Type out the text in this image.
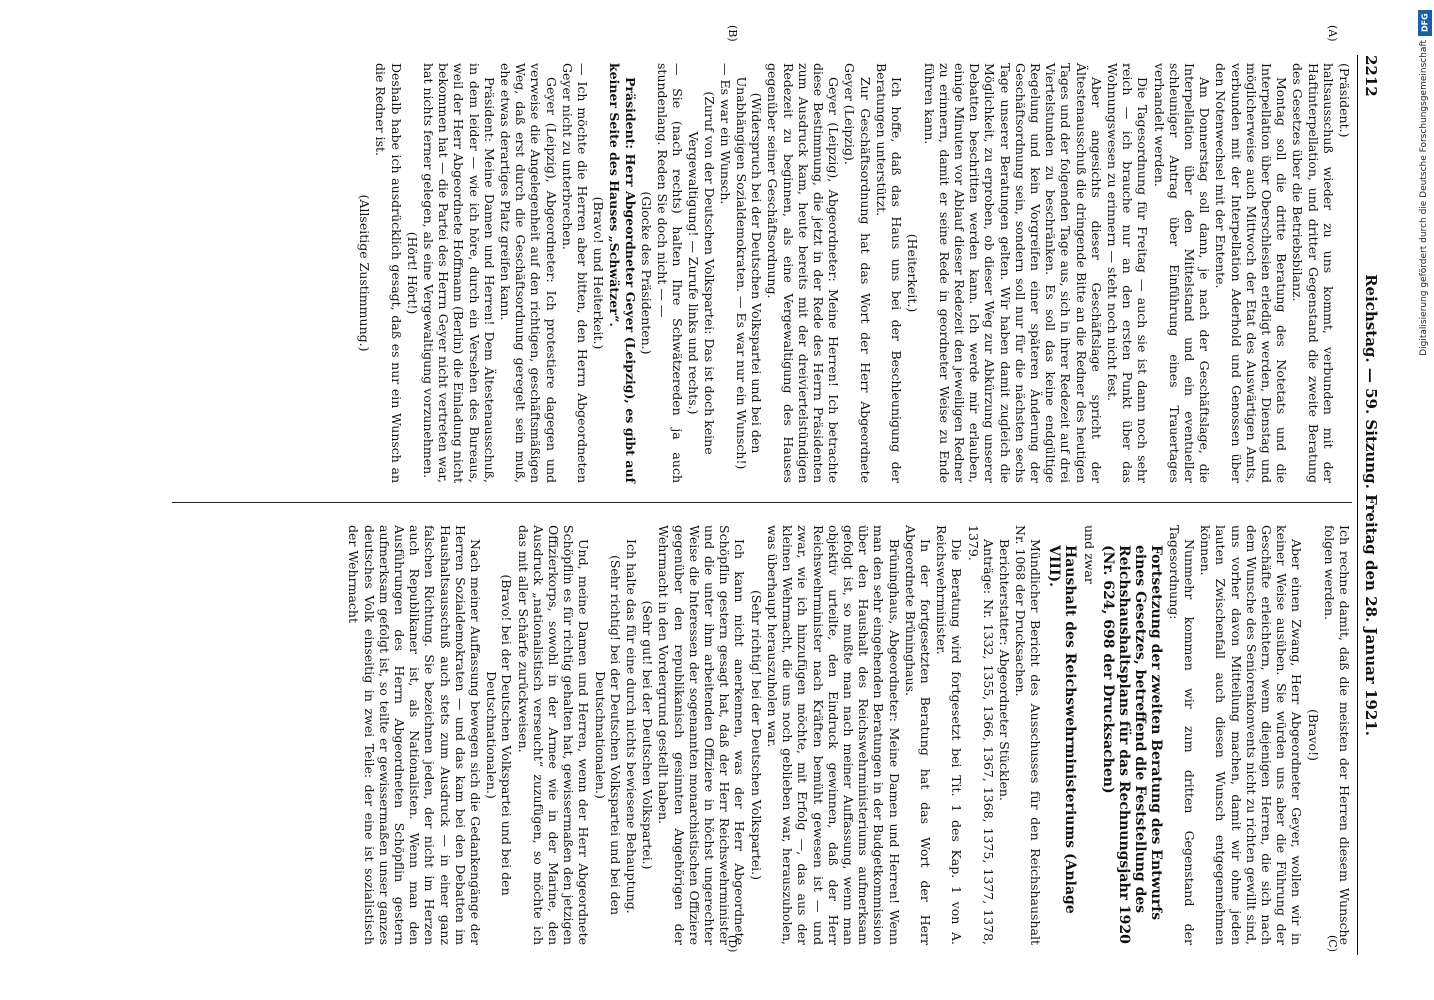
2212
Reichstag. — 59. Sitzung. Freitag den 28. Januar 1921.
(A)
(B)
(C)
(D)

(Präsident.)

haltsausschuß wieder zu uns kommt, verbunden mit der Haftinterpellation, und dritter Gegenstand die zweite Beratung des Gesetzes über die Betriebsbilanz.

Montag soll die dritte Beratung des Notetats und die Interpellation über Oberschlesien erledigt werden, Dienstag und möglicherweise auch Mittwoch der Etat des Auswärtigen Amts, verbunden mit der Interpellation Aderhold und Genossen über den Notenwechsel mit der Entente.

Am Donnerstag soll dann, je nach der Geschäftslage, die Interpellation über den Mittelstand und ein eventueller schleuniger Antrag über Einführung eines Trauertages verhandelt werden.

Die Tagesordnung für Freitag — auch sie ist dann noch sehr reich — ich brauche nur an den ersten Punkt über das Wohnungswesen zu erinnern — steht noch nicht fest.

Aber angesichts dieser Geschäftslage spricht der Ältestenausschuß die dringende Bitte an die Redner des heutigen Tages und der folgenden Tage aus, sich in ihrer Redezeit auf drei Viertelstunden zu beschränken. Es soll das keine endgültige Regelung und kein Vorgreifen einer späteren Änderung der Geschäftsordnung sein, sondern soll nur für die nächsten sechs Tage unserer Beratungen gelten. Wir haben damit zugleich die Möglichkeit, zu erproben, ob dieser Weg zur Abkürzung unserer Debatten beschritten werden kann. Ich werde mir erlauben, einige Minuten vor Ablauf dieser Redezeit den jeweiligen Redner zu erinnern, damit er seine Rede in geordneter Weise zu Ende führen kann.

(Heiterkeit.)

Ich hoffe, daß das Haus uns bei der Beschleunigung der Beratungen unterstützt.

Zur Geschäftsordnung hat das Wort der Herr Abgeordnete Geyer (Leipzig).

Geyer (Leipzig), Abgeordneter: Meine Herren! Ich betrachte diese Bestimmung, die jetzt in der Rede des Herrn Präsidenten zum Ausdruck kam, heute bereits mit der dreiviertelstündigen Redezeit zu beginnen, als eine Vergewaltigung des Hauses gegenüber seiner Geschäftsordnung.

(Widerspruch bei der Deutschen Volkspartei und bei den Unabhängigen Sozialdemokraten. — Es war nur ein Wunsch!)

— Es war ein Wunsch.

(Zuruf von der Deutschen Volkspartei: Das ist doch keine Vergewaltigung! — Zurufe links und rechts.)

— Sie (nach rechts) halten Ihre Schwätzereden ja auch stundenlang. Reden Sie doch nicht — —

(Glocke des Präsidenten.)

Präsident: Herr Abgeordneter Geyer (Leipzig), es gibt auf keiner Seite des Hauses „Schwätzer“.

(Bravo! und Heiterkeit.)

— Ich möchte die Herren aber bitten, den Herrn Abgeordneten Geyer nicht zu unterbrechen.

Geyer (Leipzig), Abgeordneter: Ich protestiere dagegen und verweise die Angelegenheit auf den richtigen, geschäftsmäßigen Weg, daß erst durch die Geschäftsordnung geregelt sein muß, ehe etwas derartiges Platz greifen kann.

Präsident: Meine Damen und Herren! Dem Ältestenausschuß, in dem leider — wie ich höre, durch ein Versehen des Bureaus, weil der Herr Abgeordnete Hoffmann (Berlin) die Einladung nicht bekommen hat — die Partei des Herrn Geyer nicht vertreten war, hat nichts ferner gelegen, als eine Vergewaltigung vorzunehmen.

(Hört! Hört!)

Deshalb habe ich ausdrücklich gesagt, daß es nur ein Wunsch an die Redner ist.

(Allseitige Zustimmung.)

Ich rechne damit, daß die meisten der Herren diesem Wunsche folgen werden.

(Bravo!)

Aber einen Zwang, Herr Abgeordneter Geyer, wollen wir in keiner Weise ausüben. Sie würden uns aber die Führung der Geschäfte erleichtern, wenn diejenigen Herren, die sich nach dem Wunsche des Seniorenkonvents nicht zu richten gewillt sind, uns vorher davon Mitteilung machen, damit wir ohne jeden lauten Zwischenfall auch diesen Wunsch entgegennehmen können.

Nunmehr kommen wir zum dritten Gegenstand der Tagesordnung:

Fortsetzung der zweiten Beratung des Entwurfs eines Gesetzes, betreffend die Feststellung des Reichshaushaltsplans für das Rechnungsjahr 1920 (Nr. 624, 698 der Drucksachen)

und zwar

Haushalt des Reichswehrministeriums (Anlage VIII).

Mündlicher Bericht des Ausschusses für den Reichshaushalt Nr. 1068 der Drucksachen.

Berichterstatter: Abgeordneter Stücklen.

Anträge: Nr. 1332, 1355, 1366, 1367, 1368, 1375, 1377, 1378, 1379.

Die Beratung wird fortgesetzt bei Tit. 1 des Kap. 1 von A. Reichswehrminister.

In der fortgesetzten Beratung hat das Wort der Herr Abgeordnete Brüninghaus.

Brüninghaus, Abgeordneter: Meine Damen und Herren! Wenn man den sehr eingehenden Beratungen in der Budgetkommission über den Haushalt des Reichswehrministeriums aufmerksam gefolgt ist, so mußte man nach meiner Auffassung, wenn man objektiv urteilte, den Eindruck gewinnen, daß der Herr Reichswehrminister nach Kräften bemüht gewesen ist — und zwar, wie ich hinzufügen möchte, mit Erfolg —, das aus der kleinen Wehrmacht, die uns noch geblieben war, herauszuholen, was überhaupt herauszuholen war.

(Sehr richtig! bei der Deutschen Volkspartei.)

Ich kann nicht anerkennen, was der Herr Abgeordnete Schöpflin gestern gesagt hat, daß der Herr Reichswehrminister und die unter ihm arbeitenden Offiziere in höchst ungerechter Weise die Interessen der sogenannten monarchistischen Offiziere gegenüber den republikanisch gesinnten Angehörigen der Wehrmacht in den Vordergrund gestellt haben.

(Sehr gut! bei der Deutschen Volkspartei.)

Ich halte das für eine durch nichts bewiesene Behauptung.

(Sehr richtig! bei der Deutschen Volkspartei und bei den Deutschnationalen.)

Und, meine Damen und Herren, wenn der Herr Abgeordnete Schöpflin es für richtig gehalten hat, gewissermaßen den jetzigen Offizierkorps, sowohl in der Armee wie in der Marine, den Ausdruck „nationalistisch verseucht“ zuzufügen, so möchte ich das mit aller Schärfe zurückweisen.

(Bravo! bei der Deutschen Volkspartei und bei den Deutschnationalen.)

Nach meiner Auffassung bewegen sich die Gedankengänge der Herren Sozialdemokraten — und das kam bei den Debatten im Haushaltsausschuß auch stets zum Ausdruck — in einer ganz falschen Richtung. Sie bezeichnen jeden, der nicht im Herzen auch Republikaner ist, als Nationalisten. Wenn man den Ausführungen des Herrn Abgeordneten Schöpflin gestern aufmerksam gefolgt ist, so teilte er gewissermaßen unser ganzes deutsches Volk einseitig in zwei Teile: der eine ist sozialistisch der Wehrmacht

DFG
Digitalisierung gefördert durch die Deutsche Forschungsgemeinschaft
